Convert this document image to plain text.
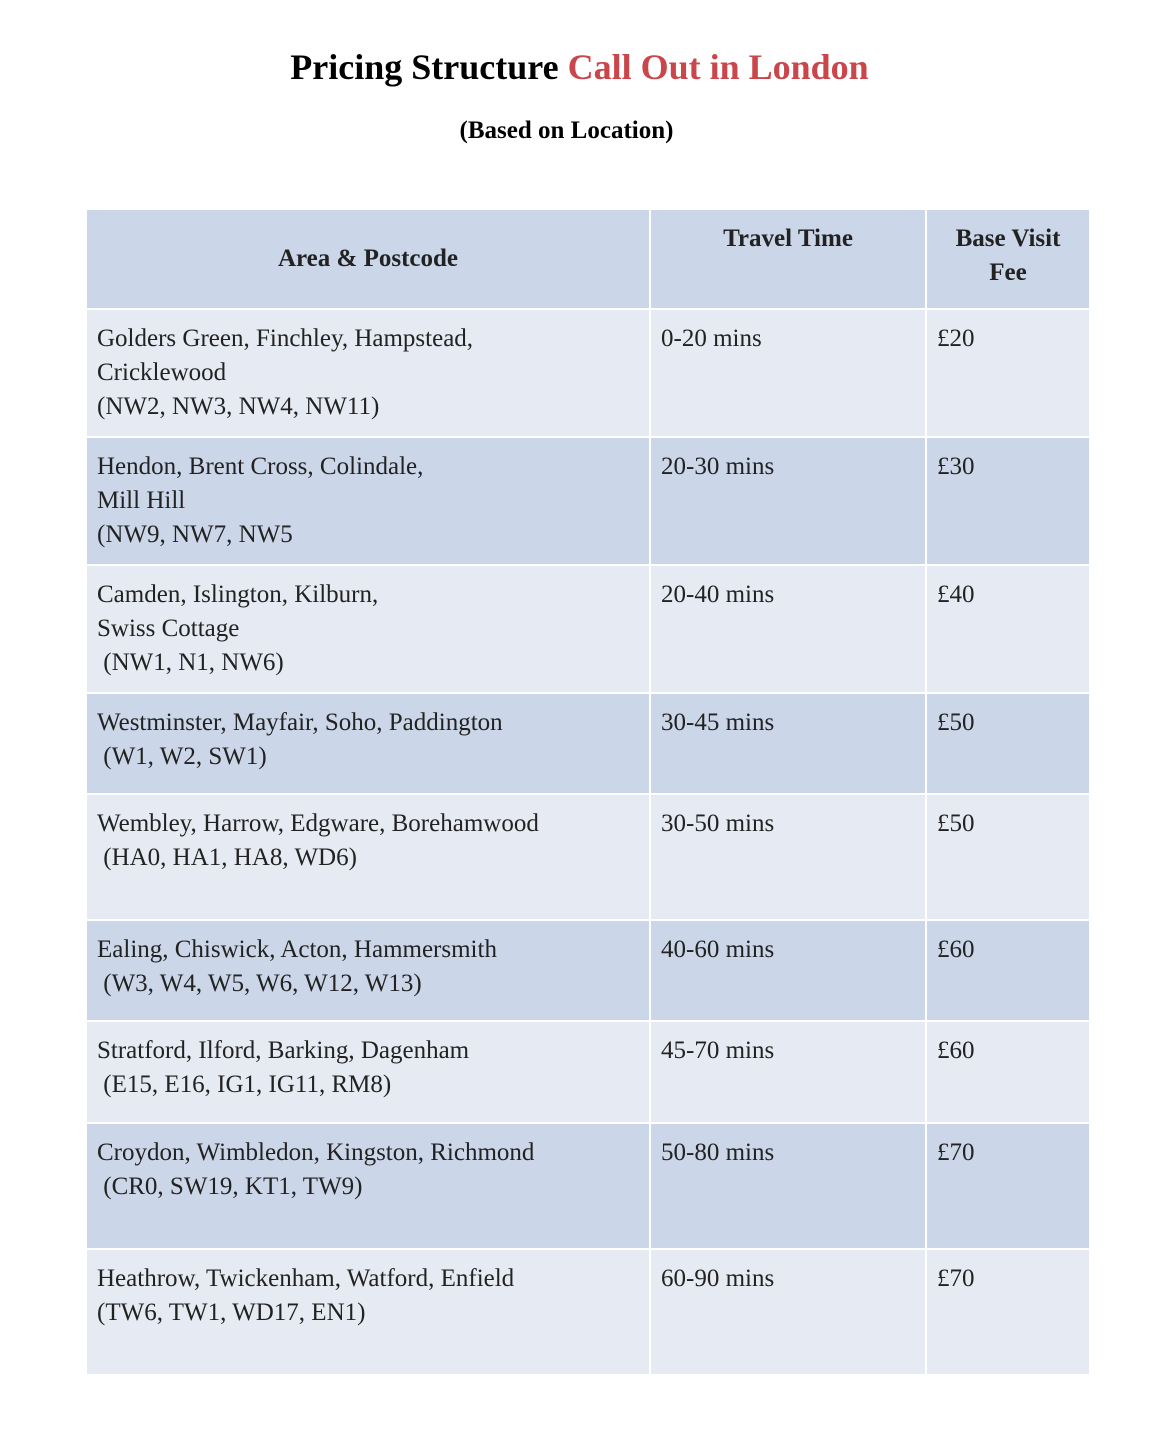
Pricing Structure Call Out in London

(Based on Location)

Area & Postcode	Travel Time	Base Visit
Fee

Golders Green, Finchley, Hampstead,
Cricklewood
(NW2, NW3, NW4, NW11)	0-20 mins	£20

Hendon, Brent Cross, Colindale,
Mill Hill
(NW9, NW7, NW5	20-30 mins	£30

Camden, Islington, Kilburn,
Swiss Cottage
(NW1, N1, NW6)	20-40 mins	£40

Westminster, Mayfair, Soho, Paddington
(W1, W2, SW1)	30-45 mins	£50

Wembley, Harrow, Edgware, Borehamwood
(HA0, HA1, HA8, WD6)	30-50 mins	£50

Ealing, Chiswick, Acton, Hammersmith
(W3, W4, W5, W6, W12, W13)	40-60 mins	£60

Stratford, Ilford, Barking, Dagenham
(E15, E16, IG1, IG11, RM8)	45-70 mins	£60

Croydon, Wimbledon, Kingston, Richmond
(CR0, SW19, KT1, TW9)	50-80 mins	£70

Heathrow, Twickenham, Watford, Enfield
(TW6, TW1, WD17, EN1)	60-90 mins	£70
